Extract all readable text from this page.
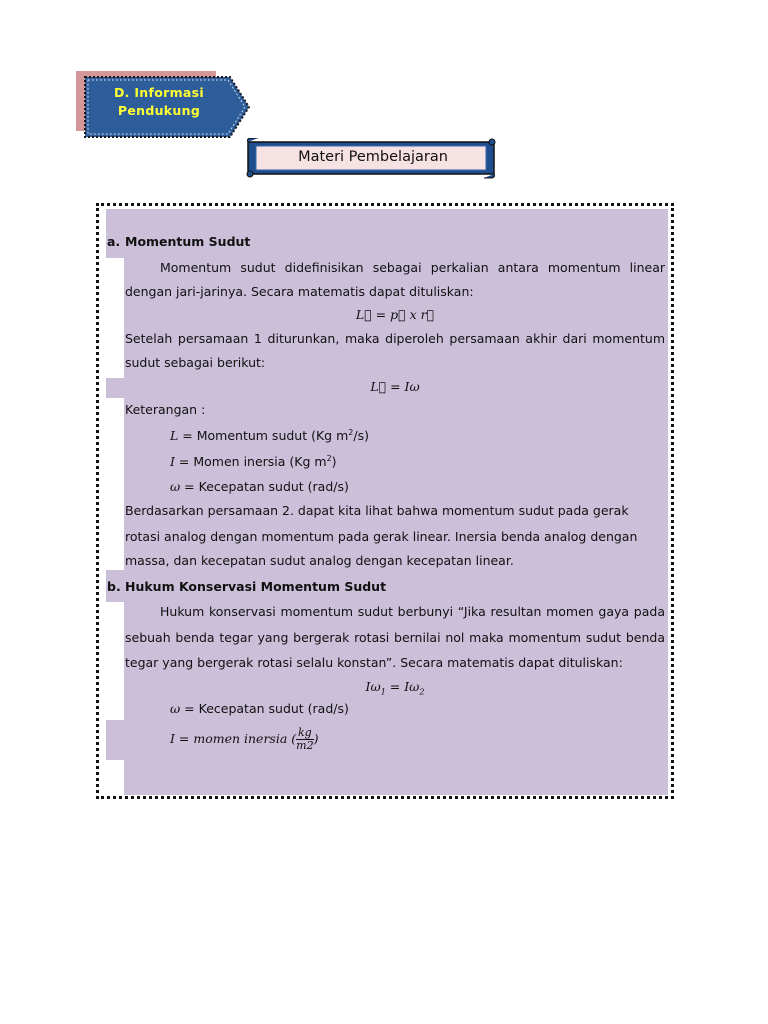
D. Informasi
Pendukung
Materi Pembelajaran
a. Momentum Sudut
Momentum sudut didefinisikan sebagai perkalian antara momentum linear
dengan jari-jarinya. Secara matematis dapat dituliskan:
L⃗ = p⃗ x r⃗
Setelah persamaan 1 diturunkan, maka diperoleh persamaan akhir dari momentum
sudut sebagai berikut:
L⃗ = Iω
Keterangan :
L = Momentum sudut (Kg $m^2/s$)
I = Momen inersia (Kg $m^2$)
ω = Kecepatan sudut (rad/s)
Berdasarkan persamaan 2. dapat kita lihat bahwa momentum sudut pada gerak
rotasi analog dengan momentum pada gerak linear. Inersia benda analog dengan
massa, dan kecepatan sudut analog dengan kecepatan linear.
b. Hukum Konservasi Momentum Sudut
Hukum konservasi momentum sudut berbunyi “Jika resultan momen gaya pada
sebuah benda tegar yang bergerak rotasi bernilai nol maka momentum sudut benda
tegar yang bergerak rotasi selalu konstan”. Secara matematis dapat dituliskan:
$I\omega_1 = I\omega_2$
ω = Kecepatan sudut (rad/s)
I = momen inersia ( $\frac{kg}{m2}$ )
